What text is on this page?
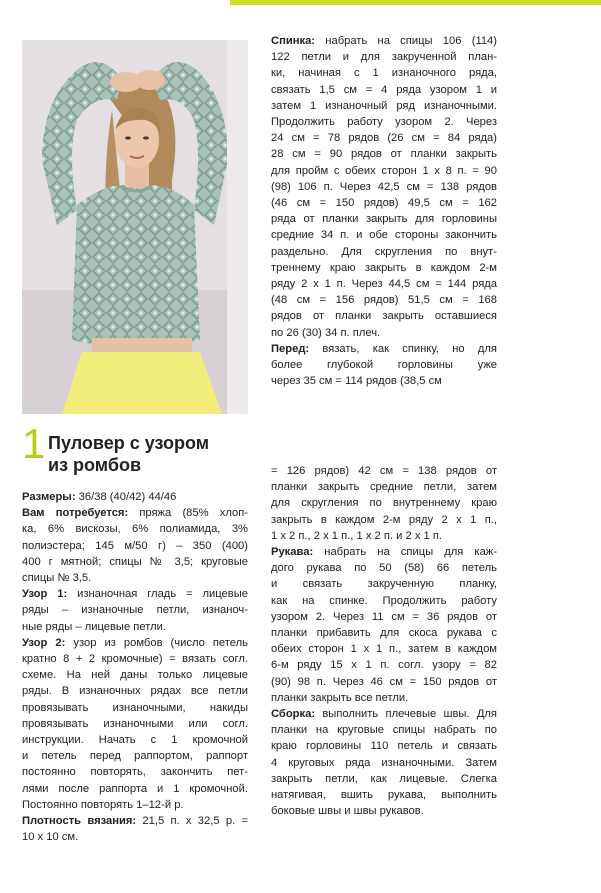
1 Пуловер с узором
из ромбов

Размеры: 36/38 (40/42) 44/46

Вам потребуется: пряжа (85% хлоп-
ка, 6% вискозы, 6% полиамида, 3%
полиэстера; 145 м/50 г) – 350 (400)
400 г мятной; спицы № 3,5; круговые
спицы № 3,5.

Узор 1: изнаночная гладь = лицевые
ряды – изнаночные петли, изнаноч-
ные ряды – лицевые петли.

Узор 2: узор из ромбов (число петель
кратно 8 + 2 кромочные) = вязать согл.
схеме. На ней даны только лицевые
ряды. В изнаночных рядах все петли
провязывать изнаночными, накиды
провязывать изнаночными или согл.
инструкции. Начать с 1 кромочной
и петель перед раппортом, раппорт
постоянно повторять, закончить пет-
лями после раппорта и 1 кромочной.
Постоянно повторять 1–12-й р.

Плотность вязания: 21,5 п. х 32,5 р. =
10 х 10 см.

Спинка: набрать на спицы 106 (114)
122 петли и для закрученной план-
ки, начиная с 1 изнаночного ряда,
связать 1,5 см = 4 ряда узором 1 и
затем 1 изнаночный ряд изнаночными.
Продолжить работу узором 2. Через
24 см = 78 рядов (26 см = 84 ряда)
28 см = 90 рядов от планки закрыть
для пройм с обеих сторон 1 х 8 п. = 90
(98) 106 п. Через 42,5 см = 138 рядов
(46 см = 150 рядов) 49,5 см = 162
ряда от планки закрыть для горловины
средние 34 п. и обе стороны закончить
раздельно. Для скругления по внут-
треннему краю закрыть в каждом 2-м
ряду 2 х 1 п. Через 44,5 см = 144 ряда
(48 см = 156 рядов) 51,5 см = 168
рядов от планки закрыть оставшиеся
по 26 (30) 34 п. плеч.

Перед: вязать, как спинку, но для
более глубокой горловины уже
через 35 см = 114 рядов (38,5 см

= 126 рядов) 42 см = 138 рядов от
планки закрыть средние петли, затем
для скругления по внутреннему краю
закрыть в каждом 2-м ряду 2 х 1 п.,
1 х 2 п., 2 х 1 п., 1 х 2 п. и 2 х 1 п.

Рукава: набрать на спицы для каж-
дого рукава по 50 (58) 66 петель
и связать закрученную планку,
как на спинке. Продолжить работу
узором 2. Через 11 см = 36 рядов от
планки прибавить для скоса рукава с
обеих сторон 1 х 1 п., затем в каждом
6-м ряду 15 х 1 п. согл. узору = 82
(90) 98 п. Через 46 см = 150 рядов от
планки закрыть все петли.

Сборка: выполнить плечевые швы. Для
планки на круговые спицы набрать по
краю горловины 110 петель и связать
4 круговых ряда изнаночными. Затем
закрыть петли, как лицевые. Слегка
натягивая, вшить рукава, выполнить
боковые швы и швы рукавов.
